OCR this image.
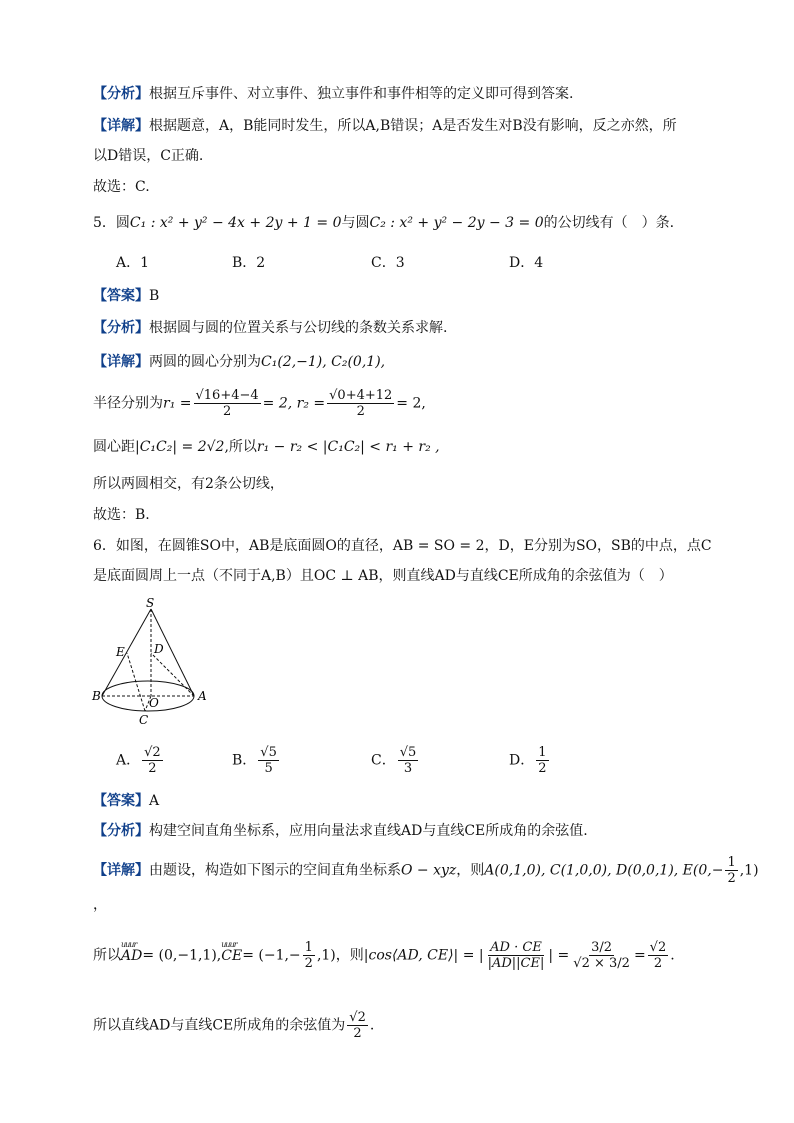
【分析】根据互斥事件、对立事件、独立事件和事件相等的定义即可得到答案.
【详解】根据题意，A，B能同时发生，所以A,B错误；A是否发生对B没有影响，反之亦然，所
以D错误，C正确.
故选：C.
5．圆C₁ : x² + y² − 4x + 2y + 1 = 0与圆C₂ : x² + y² − 2y − 3 = 0的公切线有（　）条.
A．1	B．2	C．3	D．4
【答案】B
【分析】根据圆与圆的位置关系与公切线的条数关系求解.
【详解】两圆的圆心分别为C₁(2,−1), C₂(0,1),
半径分别为$r_1 = \frac{√16+4-4}{2} = 2$, $r_2 = \frac{√0+4+12}{2} = 2$,
圆心距|C₁C₂| = 2√2,所以r₁ − r₂ < |C₁C₂| < r₁ + r₂ ,
所以两圆相交，有2条公切线，
故选：B.
6．如图，在圆锥SO中，AB是底面圆O的直径，AB = SO = 2，D，E分别为SO，SB的中点，点C
是底面圆周上一点（不同于A,B）且OC ⊥ AB，则直线AD与直线CE所成角的余弦值为（　）
S
E D
B	O	A
C
A． $\frac{√2}{2}$	B． $\frac{√5}{5}$	C． $\frac{√5}{3}$	D． $\frac{1}{2}$
【答案】A
【分析】构建空间直角坐标系，应用向量法求直线AD与直线CE所成角的余弦值.
【详解】由题设，构造如下图示的空间直角坐标系O − xyz，则A(0,1,0), C(1,0,0), D(0,0,1), $E(0,- \frac{1}{2} ,1)$
，
所以uuur AD= (0,−1,1),uuur $CE= (-1,- \frac{1}{2} ,1)$，则|cos⟨AD, CE⟩| = | $\frac{AD \cdot CE}{|AD||CE|}$ | = $\frac{3/2}{√2 \times 3/2} = \frac{√2}{2}$ .
所以直线AD与直线CE所成角的余弦值为 $\frac{√2}{2}$ .
